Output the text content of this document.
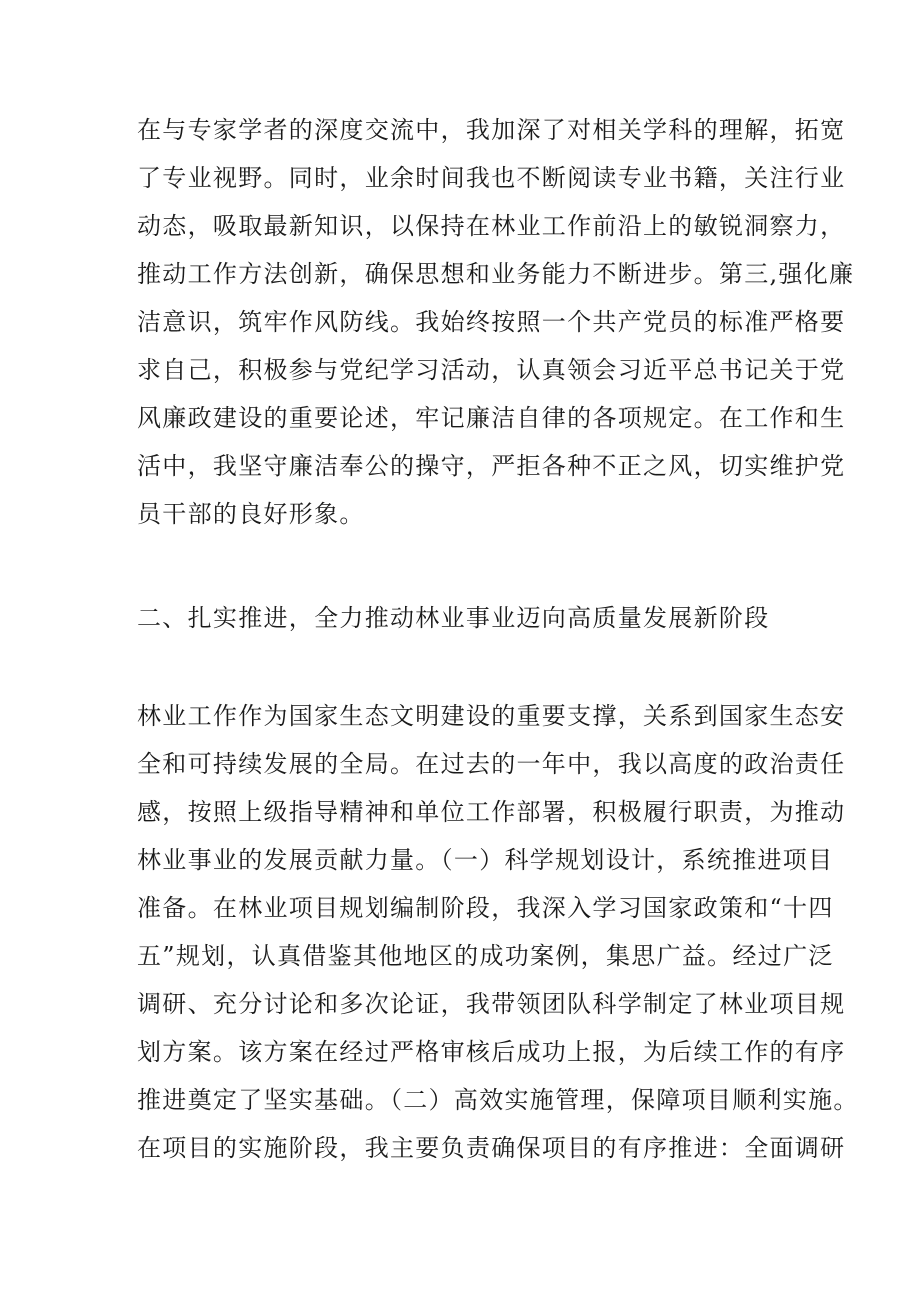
在与专家学者的深度交流中，我加深了对相关学科的理解，拓宽
了专业视野。同时，业余时间我也不断阅读专业书籍，关注行业
动态，吸取最新知识，以保持在林业工作前沿上的敏锐洞察力，
推动工作方法创新，确保思想和业务能力不断进步。第三,强化廉
洁意识，筑牢作风防线。我始终按照一个共产党员的标准严格要
求自己，积极参与党纪学习活动，认真领会习近平总书记关于党
风廉政建设的重要论述，牢记廉洁自律的各项规定。在工作和生
活中，我坚守廉洁奉公的操守，严拒各种不正之风，切实维护党
员干部的良好形象。
二、扎实推进，全力推动林业事业迈向高质量发展新阶段
林业工作作为国家生态文明建设的重要支撑，关系到国家生态安
全和可持续发展的全局。在过去的一年中，我以高度的政治责任
感，按照上级指导精神和单位工作部署，积极履行职责，为推动
林业事业的发展贡献力量。（一）科学规划设计，系统推进项目
准备。在林业项目规划编制阶段，我深入学习国家政策和“十四
五”规划，认真借鉴其他地区的成功案例，集思广益。经过广泛
调研、充分讨论和多次论证，我带领团队科学制定了林业项目规
划方案。该方案在经过严格审核后成功上报，为后续工作的有序
推进奠定了坚实基础。（二）高效实施管理，保障项目顺利实施。
在项目的实施阶段，我主要负责确保项目的有序推进：全面调研
